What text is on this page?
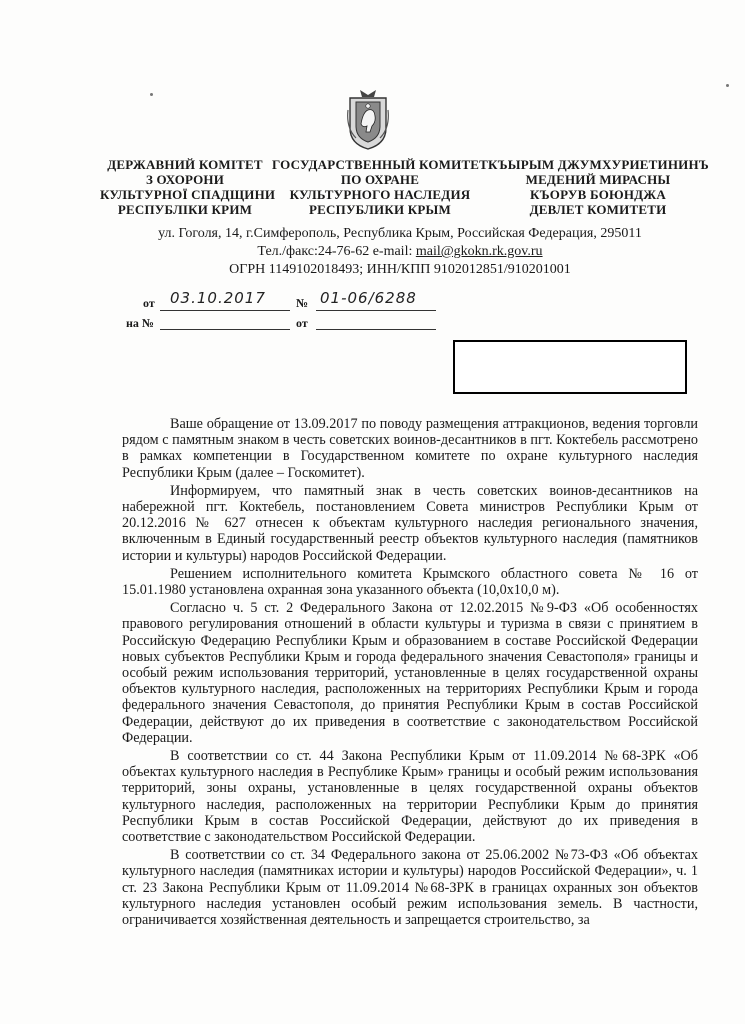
ДЕРЖАВНИЙ КОМІТЕТ
З ОХОРОНИ
КУЛЬТУРНОЇ СПАДЩИНИ
РЕСПУБЛІКИ КРИМ
ГОСУДАРСТВЕННЫЙ КОМИТЕТ
ПО ОХРАНЕ
КУЛЬТУРНОГО НАСЛЕДИЯ
РЕСПУБЛИКИ КРЫМ
КЪЫРЫМ ДЖУМХУРИЕТИНИНЪ
МЕДЕНИЙ МИРАСНЫ
КЪОРУВ БОЮНДЖА
ДЕВЛЕТ КОМИТЕТИ
ул. Гоголя, 14, г.Симферополь, Республика Крым, Российская Федерация, 295011
Тел./факс:24-76-62 e-mail: mail@gkokn.rk.gov.ru
ОГРН 1149102018493; ИНН/КПП 9102012851/910201001
от 03.10.2017	№ 01-06/6288
на №	от

Ваше обращение от 13.09.2017 по поводу размещения аттракционов, ведения торговли рядом с памятным знаком в честь советских воинов-десантников в пгт. Коктебель рассмотрено в рамках компетенции в Государственном комитете по охране культурного наследия Республики Крым (далее – Госкомитет).

Информируем, что памятный знак в честь советских воинов-десантников на набережной пгт. Коктебель, постановлением Совета министров Республики Крым от 20.12.2016 № 627 отнесен к объектам культурного наследия регионального значения, включенным в Единый государственный реестр объектов культурного наследия (памятников истории и культуры) народов Российской Федерации.

Решением исполнительного комитета Крымского областного совета № 16 от 15.01.1980 установлена охранная зона указанного объекта (10,0х10,0 м).

Согласно ч. 5 ст. 2 Федерального Закона от 12.02.2015 №9-ФЗ «Об особенностях правового регулирования отношений в области культуры и туризма в связи с принятием в Российскую Федерацию Республики Крым и образованием в составе Российской Федерации новых субъектов Республики Крым и города федерального значения Севастополя» границы и особый режим использования территорий, установленные в целях государственной охраны объектов культурного наследия, расположенных на территориях Республики Крым и города федерального значения Севастополя, до принятия Республики Крым в состав Российской Федерации, действуют до их приведения в соответствие с законодательством Российской Федерации.

В соответствии со ст. 44 Закона Республики Крым от 11.09.2014 №68-ЗРК «Об объектах культурного наследия в Республике Крым» границы и особый режим использования территорий, зоны охраны, установленные в целях государственной охраны объектов культурного наследия, расположенных на территории Республики Крым до принятия Республики Крым в состав Российской Федерации, действуют до их приведения в соответствие с законодательством Российской Федерации.

В соответствии со ст. 34 Федерального закона от 25.06.2002 №73-ФЗ «Об объектах культурного наследия (памятниках истории и культуры) народов Российской Федерации», ч. 1 ст. 23 Закона Республики Крым от 11.09.2014 №68-ЗРК в границах охранных зон объектов культурного наследия установлен особый режим использования земель. В частности, ограничивается хозяйственная деятельность и запрещается строительство, за
